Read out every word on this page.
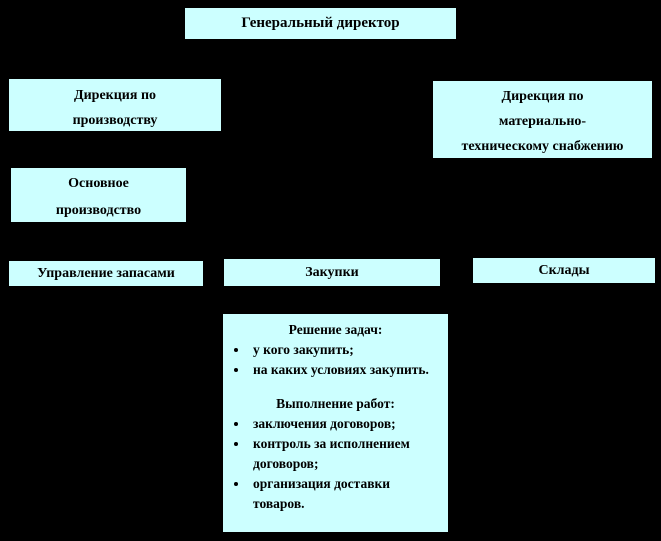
Генеральный директор
Дирекция по
производству
Дирекция по
материально-
техническому снабжению
Основное
производство
Управление запасами	Закупки	Склады
Решение задач:
• у кого закупить;
• на каких условиях закупить.
Выполнение работ:
• заключения договоров;
• контроль за исполнением договоров;
• организация доставки товаров.
